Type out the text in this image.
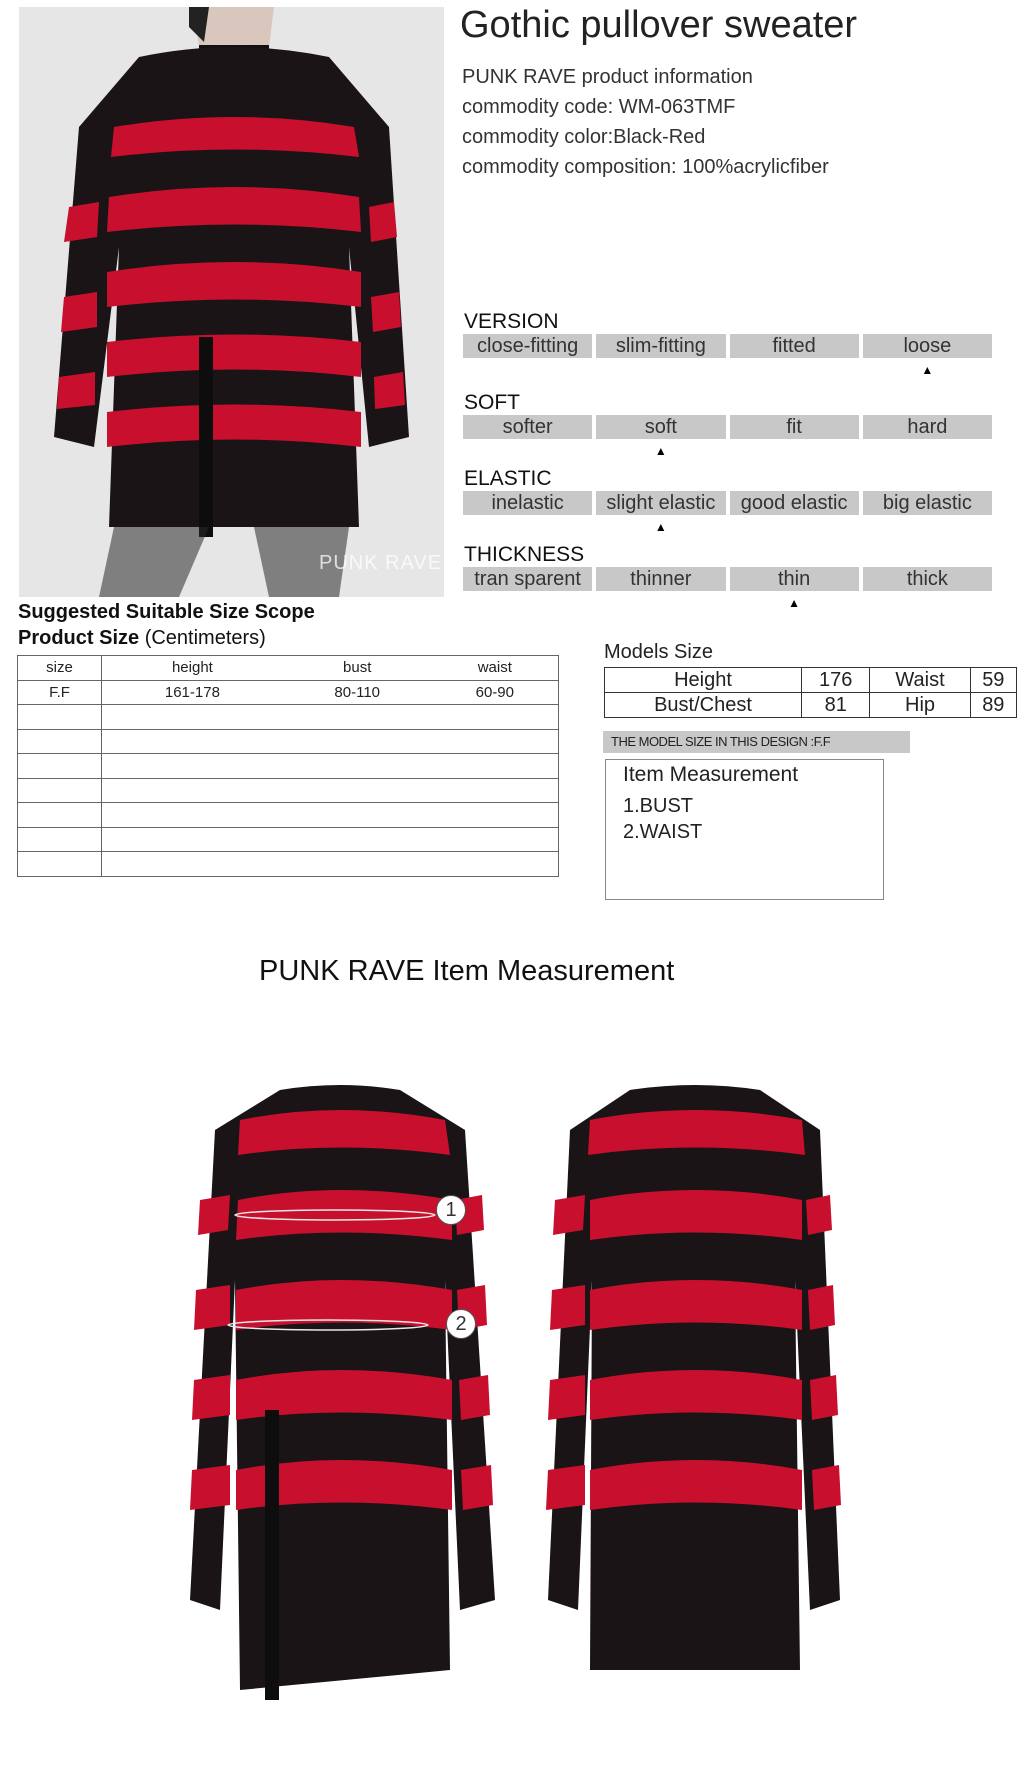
PUNK RAVE
Gothic pullover sweater
PUNK RAVE product information
commodity code: WM-063TMF
commodity color:Black-Red
commodity composition: 100%acrylicfiber
VERSION
close-fitting	slim-fitting	fitted	loose
▲
SOFT
softer	soft	fit	hard
▲
ELASTIC
inelastic	slight elastic	good elastic	big elastic
▲
THICKNESS
tran sparent	thinner	thin	thick
▲
Suggested Suitable Size Scope
Product Size (Centimeters)
size	height	bust	waist
F.F	161-178	80-110	60-90

Models Size
Height	176	Waist	59
Bust/Chest	81	Hip	89
THE MODEL SIZE IN THIS DESIGN :F.F
Item Measurement
1.BUST
2.WAIST
PUNK RAVE Item Measurement
1
2
